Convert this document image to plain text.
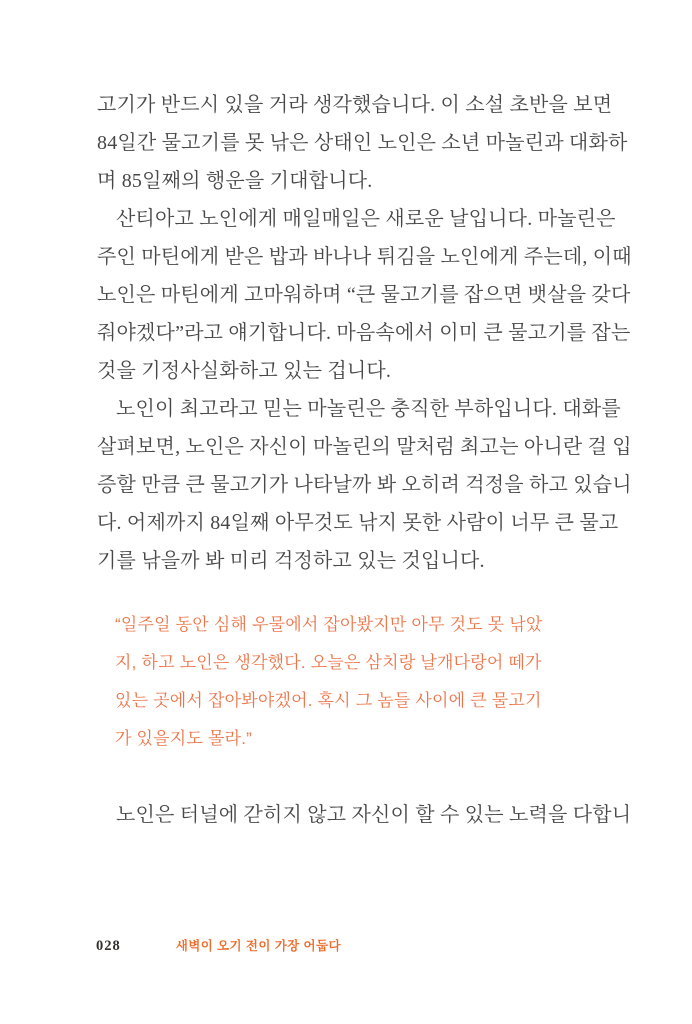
고기가 반드시 있을 거라 생각했습니다. 이 소설 초반을 보면
84일간 물고기를 못 낚은 상태인 노인은 소년 마놀린과 대화하
며 85일째의 행운을 기대합니다.
산티아고 노인에게 매일매일은 새로운 날입니다. 마놀린은
주인 마틴에게 받은 밥과 바나나 튀김을 노인에게 주는데, 이때
노인은 마틴에게 고마워하며 “큰 물고기를 잡으면 뱃살을 갖다
줘야겠다”라고 얘기합니다. 마음속에서 이미 큰 물고기를 잡는
것을 기정사실화하고 있는 겁니다.
노인이 최고라고 믿는 마놀린은 충직한 부하입니다. 대화를
살펴보면, 노인은 자신이 마놀린의 말처럼 최고는 아니란 걸 입
증할 만큼 큰 물고기가 나타날까 봐 오히려 걱정을 하고 있습니
다. 어제까지 84일째 아무것도 낚지 못한 사람이 너무 큰 물고
기를 낚을까 봐 미리 걱정하고 있는 것입니다.
“일주일 동안 심해 우물에서 잡아봤지만 아무 것도 못 낚았
지, 하고 노인은 생각했다. 오늘은 삼치랑 날개다랑어 떼가
있는 곳에서 잡아봐야겠어. 혹시 그 놈들 사이에 큰 물고기
가 있을지도 몰라.”
노인은 터널에 갇히지 않고 자신이 할 수 있는 노력을 다합니
028	새벽이 오기 전이 가장 어둡다
